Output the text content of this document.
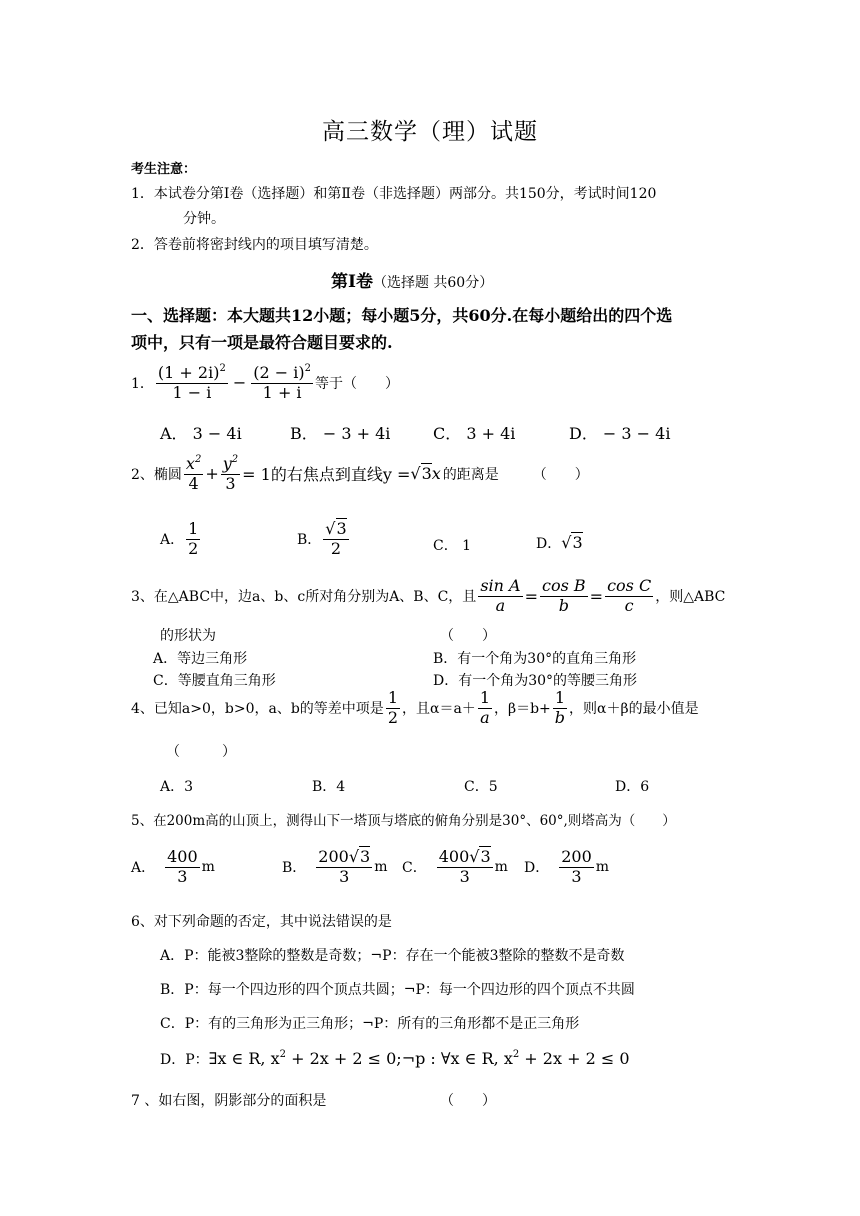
高三数学（理）试题
考生注意：
1．本试卷分第Ⅰ卷（选择题）和第Ⅱ卷（非选择题）两部分。共150分，考试时间120
分钟。
2．答卷前将密封线内的项目填写清楚。
第Ⅰ卷（选择题 共60分）
一、选择题：本大题共12小题；每小题5分，共60分.在每小题给出的四个选
项中，只有一项是最符合题目要求的.
1． $\frac{(1 + 2i)^2}{1 - i} - \frac{(2 - i)^2}{1 + i}$ 等于（　　）
A． 3 − 4i	B． − 3 + 4i	C． 3 + 4i	D． − 3 − 4i
2、椭圆 $\frac{x^2}{4} + \frac{y^2}{3} = 1$的右焦点到直线y = √3 x 的距离是 （　　）
A． $\frac{1}{2}$	B． $\frac{√3}{2}$	C． 1	D．√3
3、在△ABC中，边a、b、c所对角分别为A、B、C，且 $\frac{\text{sin A}}{a} = \frac{\text{cos B}}{b} = \frac{\text{cos C}}{c}$ ，则△ABC
的形状为	（　　）
A．等边三角形	B．有一个角为30°的直角三角形
C．等腰直角三角形	D．有一个角为30°的等腰三角形
4、已知a>0，b>0，a、b的等差中项是 $\frac{1}{2}$ ，且$\alpha=a+ \frac{1}{a}$ ，$\beta=b+ \frac{1}{b}$ ，则α＋β的最小值是
（　　　）
A．3	B．4	C．5	D．6
5、在200m高的山顶上，测得山下一塔顶与塔底的俯角分别是30°、60°,则塔高为（　　）
A． $\frac{400}{3}$ m	B． $\frac{200√3}{3}$ m C． $\frac{400√3}{3}$ m D． $\frac{200}{3}$ m
6、对下列命题的否定，其中说法错误的是
A．P：能被3整除的整数是奇数；¬P：存在一个能被3整除的整数不是奇数
B．P：每一个四边形的四个顶点共圆；¬P：每一个四边形的四个顶点不共圆
C．P：有的三角形为正三角形；¬P：所有的三角形都不是正三角形
D．P：∃x ∈ R, $x^2 + 2x + 2$ ≤ 0;¬p : ∀x ∈ R, $x^2 + 2x + 2 \le 0$
7 、如右图，阴影部分的面积是	（　　）
